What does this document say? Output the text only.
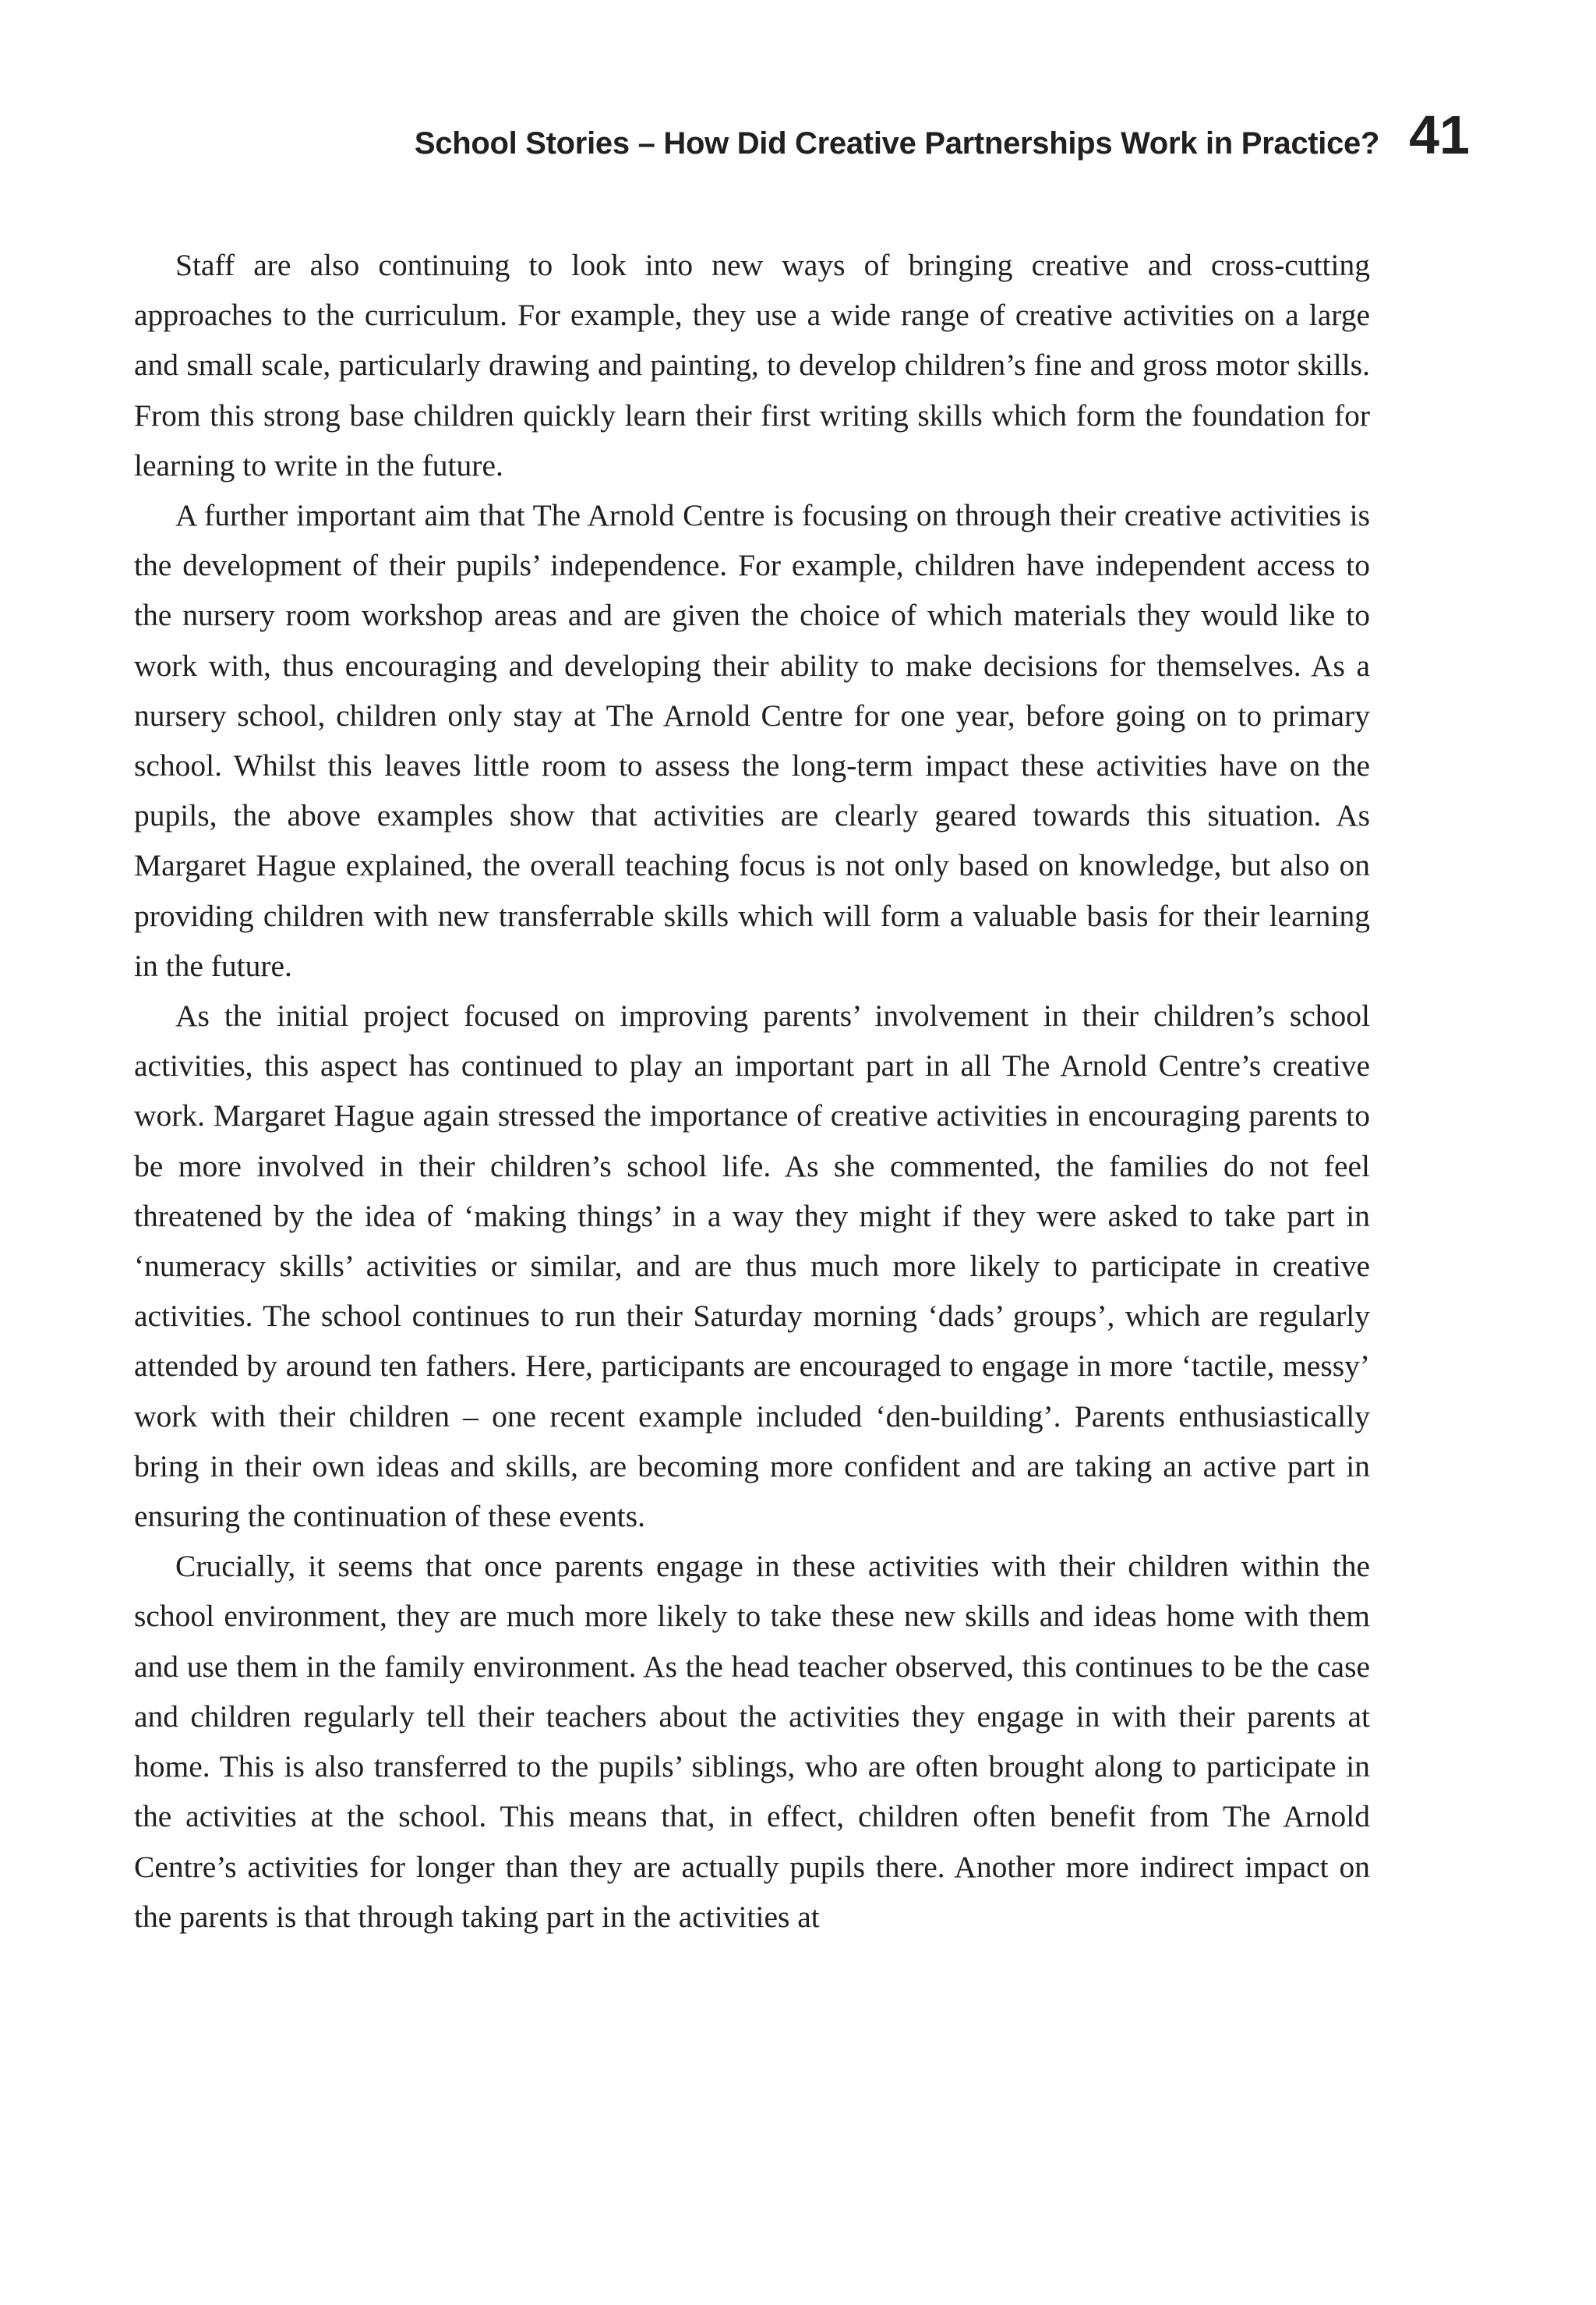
School Stories – How Did Creative Partnerships Work in Practice? 41

Staff are also continuing to look into new ways of bringing creative and cross-cutting approaches to the curriculum. For example, they use a wide range of creative activities on a large and small scale, particularly drawing and painting, to develop children’s fine and gross motor skills. From this strong base children quickly learn their first writing skills which form the foundation for learning to write in the future.

A further important aim that The Arnold Centre is focusing on through their creative activities is the development of their pupils’ independence. For example, children have independent access to the nursery room workshop areas and are given the choice of which materials they would like to work with, thus encouraging and developing their ability to make decisions for themselves. As a nursery school, children only stay at The Arnold Centre for one year, before going on to primary school. Whilst this leaves little room to assess the long-term impact these activities have on the pupils, the above examples show that activities are clearly geared towards this situation. As Margaret Hague explained, the overall teaching focus is not only based on knowledge, but also on providing children with new transferrable skills which will form a valuable basis for their learning in the future.

As the initial project focused on improving parents’ involvement in their children’s school activities, this aspect has continued to play an important part in all The Arnold Centre’s creative work. Margaret Hague again stressed the importance of creative activities in encouraging parents to be more involved in their children’s school life. As she commented, the families do not feel threatened by the idea of ‘making things’ in a way they might if they were asked to take part in ‘numeracy skills’ activities or similar, and are thus much more likely to participate in creative activities. The school continues to run their Saturday morning ‘dads’ groups’, which are regularly attended by around ten fathers. Here, participants are encouraged to engage in more ‘tactile, messy’ work with their children – one recent example included ‘den-building’. Parents enthusiastically bring in their own ideas and skills, are becoming more confident and are taking an active part in ensuring the continuation of these events.

Crucially, it seems that once parents engage in these activities with their children within the school environment, they are much more likely to take these new skills and ideas home with them and use them in the family environment. As the head teacher observed, this continues to be the case and children regularly tell their teachers about the activities they engage in with their parents at home. This is also transferred to the pupils’ siblings, who are often brought along to participate in the activities at the school. This means that, in effect, children often benefit from The Arnold Centre’s activities for longer than they are actually pupils there. Another more indirect impact on the parents is that through taking part in the activities at
